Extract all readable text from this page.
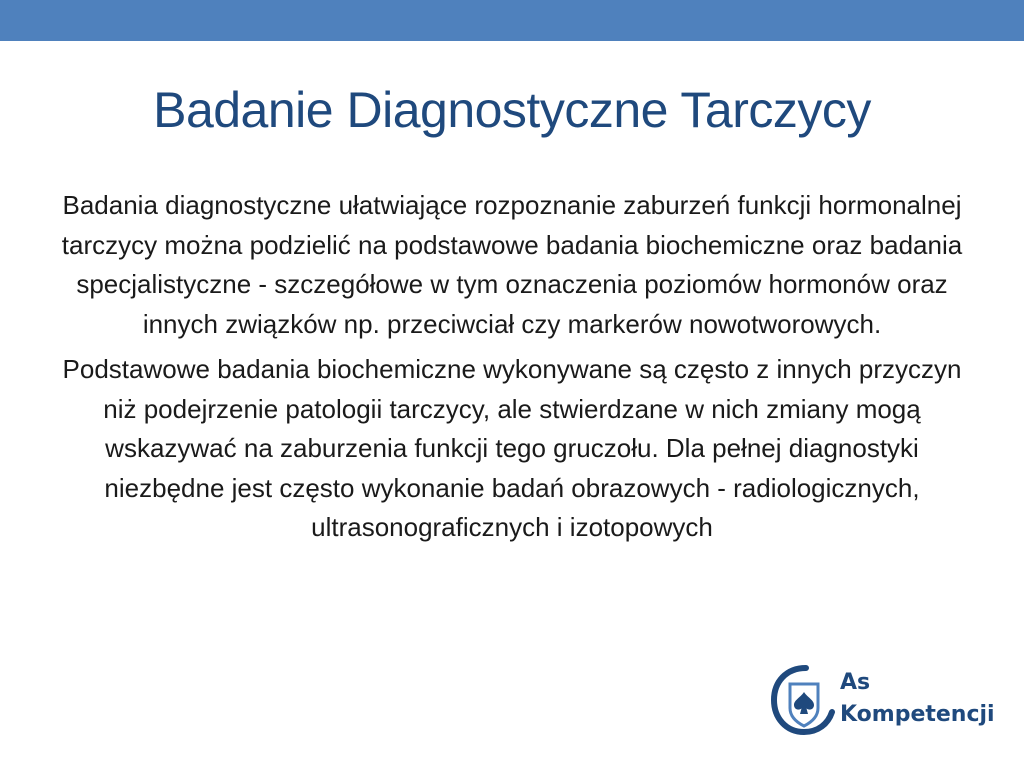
Badanie Diagnostyczne Tarczycy

Badania diagnostyczne ułatwiające rozpoznanie zaburzeń funkcji hormonalnej tarczycy można podzielić na podstawowe badania biochemiczne oraz badania specjalistyczne - szczegółowe w tym oznaczenia poziomów hormonów oraz innych związków np. przeciwciał czy markerów nowotworowych.

Podstawowe badania biochemiczne wykonywane są często z innych przyczyn niż podejrzenie patologii tarczycy, ale stwierdzane w nich zmiany mogą wskazywać na zaburzenia funkcji tego gruczołu. Dla pełnej diagnostyki niezbędne jest często wykonanie badań obrazowych - radiologicznych, ultrasonograficznych i izotopowych

As
Kompetencji
